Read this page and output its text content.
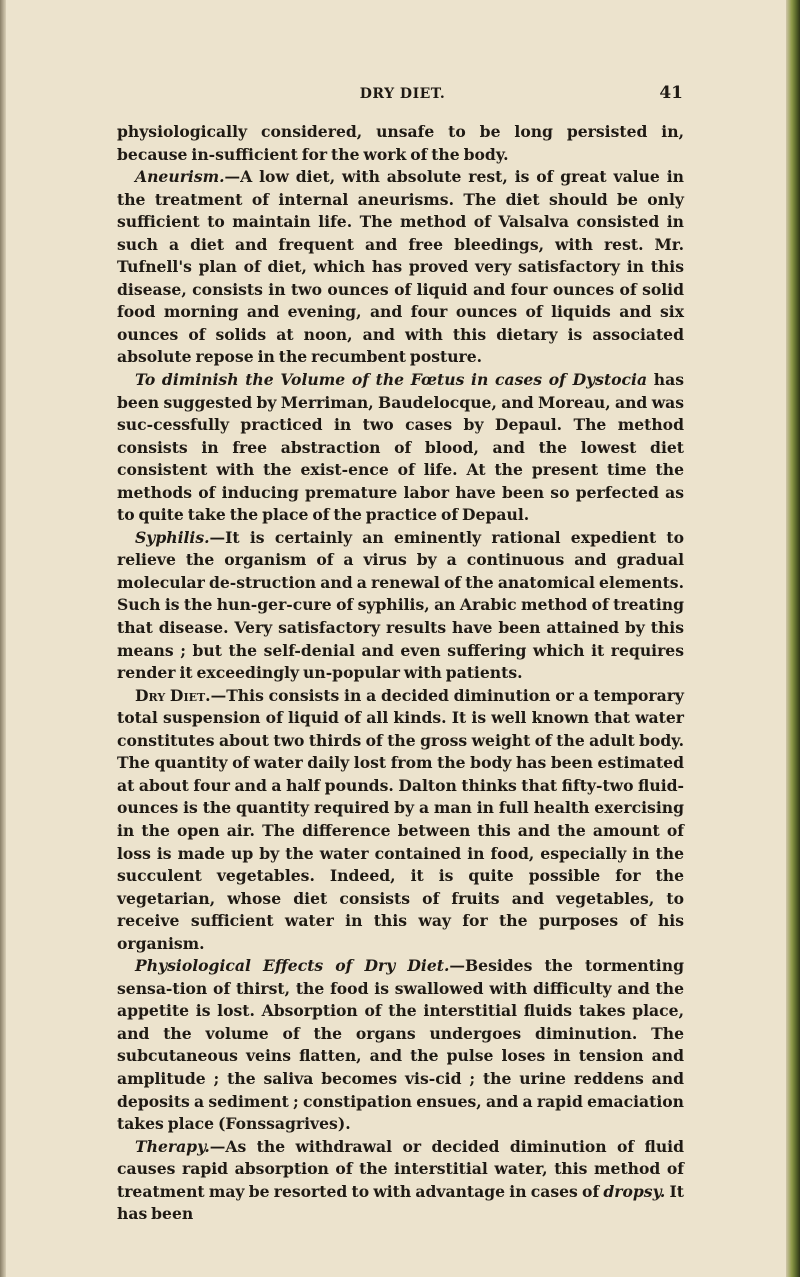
DRY DIET.	41

physiologically considered, unsafe to be long persisted in, because in-sufficient for the work of the body.

Aneurism.—A low diet, with absolute rest, is of great value in the treatment of internal aneurisms. The diet should be only sufficient to maintain life. The method of Valsalva consisted in such a diet and frequent and free bleedings, with rest. Mr. Tufnell's plan of diet, which has proved very satisfactory in this disease, consists in two ounces of liquid and four ounces of solid food morning and evening, and four ounces of liquids and six ounces of solids at noon, and with this dietary is associated absolute repose in the recumbent posture.

To diminish the Volume of the Fœtus in cases of Dystocia has been suggested by Merriman, Baudelocque, and Moreau, and was suc-cessfully practiced in two cases by Depaul. The method consists in free abstraction of blood, and the lowest diet consistent with the exist-ence of life. At the present time the methods of inducing premature labor have been so perfected as to quite take the place of the practice of Depaul.

Syphilis.—It is certainly an eminently rational expedient to relieve the organism of a virus by a continuous and gradual molecular de-struction and a renewal of the anatomical elements. Such is the hun-ger-cure of syphilis, an Arabic method of treating that disease. Very satisfactory results have been attained by this means ; but the self-denial and even suffering which it requires render it exceedingly un-popular with patients.

Dry Diet.—This consists in a decided diminution or a temporary total suspension of liquid of all kinds. It is well known that water constitutes about two thirds of the gross weight of the adult body. The quantity of water daily lost from the body has been estimated at about four and a half pounds. Dalton thinks that fifty-two fluid-ounces is the quantity required by a man in full health exercising in the open air. The difference between this and the amount of loss is made up by the water contained in food, especially in the succulent vegetables. Indeed, it is quite possible for the vegetarian, whose diet consists of fruits and vegetables, to receive sufficient water in this way for the purposes of his organism.

Physiological Effects of Dry Diet.—Besides the tormenting sensa-tion of thirst, the food is swallowed with difficulty and the appetite is lost. Absorption of the interstitial fluids takes place, and the volume of the organs undergoes diminution. The subcutaneous veins flatten, and the pulse loses in tension and amplitude ; the saliva becomes vis-cid ; the urine reddens and deposits a sediment ; constipation ensues, and a rapid emaciation takes place (Fonssagrives).

Therapy.—As the withdrawal or decided diminution of fluid causes rapid absorption of the interstitial water, this method of treatment may be resorted to with advantage in cases of dropsy. It has been
